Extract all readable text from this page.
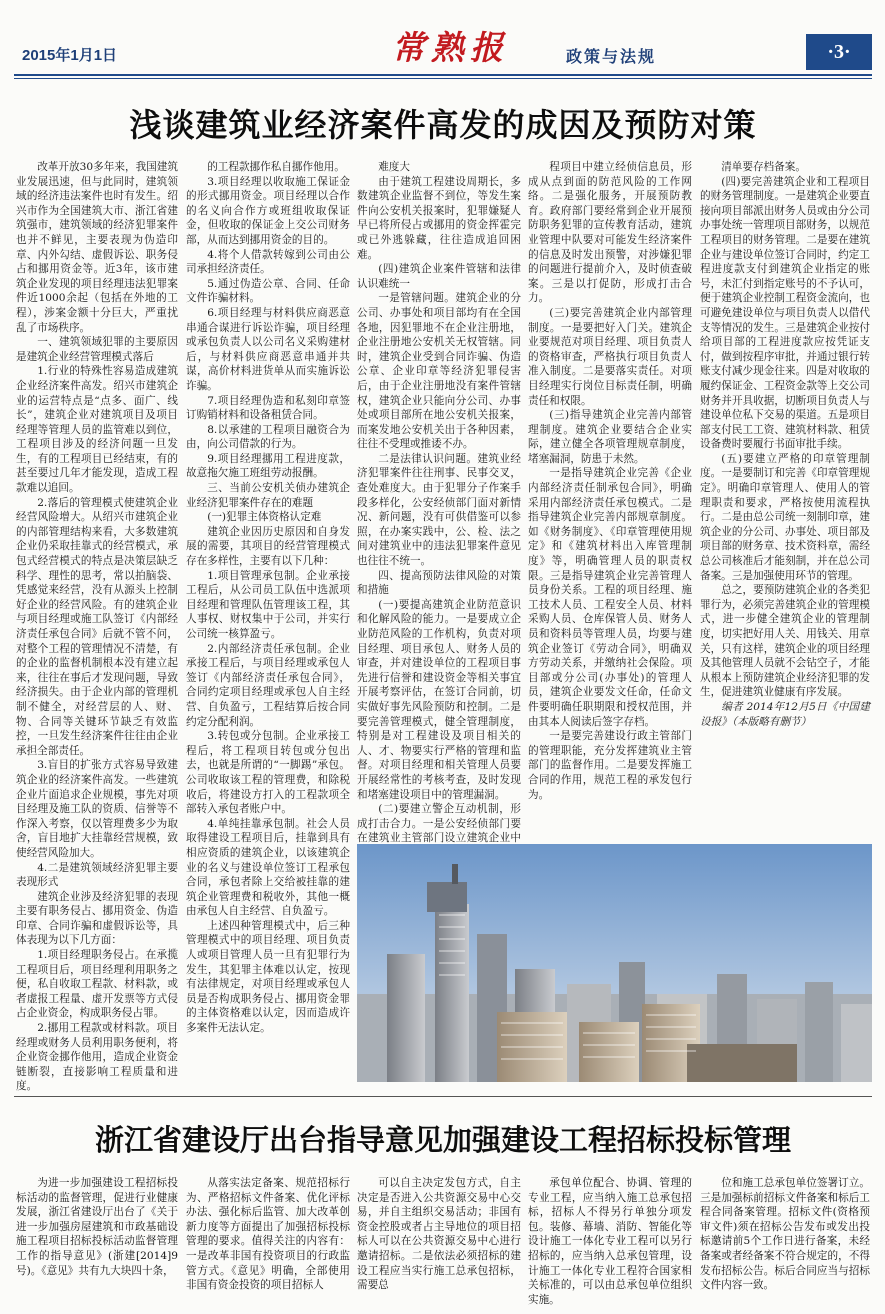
2015年1月1日	常熟报	政策与法规	·3·
浅谈建筑业经济案件高发的成因及预防对策

改革开放30多年来，我国建筑业发展迅速，但与此同时，建筑领域的经济违法案件也时有发生。绍兴市作为全国建筑大市、浙江省建筑强市，建筑领域的经济犯罪案件也并不鲜见，主要表现为伪造印章、内外勾结、虚假诉讼、职务侵占和挪用资金等。近3年，该市建筑企业发现的项目经理违法犯罪案件近1000余起（包括在外地的工程），涉案金额十分巨大，严重扰乱了市场秩序。

一、建筑领域犯罪的主要原因是建筑企业经营管理模式落后

1.行业的特殊性容易造成建筑企业经济案件高发。绍兴市建筑企业的运营特点是“点多、面广、线长”，建筑企业对建筑项目及项目经理等管理人员的监管难以到位，工程项目涉及的经济问题一旦发生，有的工程项目已经结束，有的甚至要过几年才能发现，造成工程款难以追回。

2.落后的管理模式使建筑企业经营风险增大。从绍兴市建筑企业的内部管理结构来看，大多数建筑企业仍采取挂靠式的经营模式，承包式经营模式的特点是决策层缺乏科学、理性的思考，常以拍脑袋、凭感觉来经营，没有从源头上控制好企业的经营风险。有的建筑企业与项目经理或施工队签订《内部经济责任承包合同》后就不管不问，对整个工程的管理情况不清楚，有的企业的监督机制根本没有建立起来，往往在事后才发现问题，导致经济损失。由于企业内部的管理机制不健全，对经营层的人、财、物、合同等关键环节缺乏有效监控，一旦发生经济案件往往由企业承担全部责任。

3.盲目的扩张方式容易导致建筑企业的经济案件高发。一些建筑企业片面追求企业规模，事先对项目经理及施工队的资质、信誉等不作深入考察，仅以管理费多少为取舍，盲目地扩大挂靠经营规模，致使经营风险加大。

4.二是建筑领域经济犯罪主要表现形式

建筑企业涉及经济犯罪的表现主要有职务侵占、挪用资金、伪造印章、合同诈骗和虚假诉讼等，具体表现为以下几方面：

1.项目经理职务侵占。在承揽工程项目后，项目经理利用职务之便，私自收取工程款、材料款，或者虚报工程量、虚开发票等方式侵占企业资金，构成职务侵占罪。

2.挪用工程款或材料款。项目经理或财务人员利用职务便利，将企业资金挪作他用，造成企业资金链断裂，直接影响工程质量和进度。

的工程款挪作私自挪作他用。

3.项目经理以收取施工保证金的形式挪用资金。项目经理以合作的名义向合作方或班组收取保证金，但收取的保证金上交公司财务部，从而达到挪用资金的目的。

4.将个人借款转嫁到公司由公司承担经济责任。

5.通过伪造公章、合同、任命文件诈骗材料。

6.项目经理与材料供应商恶意串通合谋进行诉讼诈骗，项目经理或承包负责人以公司名义采购建材后，与材料供应商恶意串通并共谋，高价材料进货单从而实施诉讼诈骗。

7.项目经理伪造和私刻印章签订购销材料和设备租赁合同。

8.以承建的工程项目融资合为由，向公司借款的行为。

9.项目经理挪用工程进度款，故意拖欠施工班组劳动报酬。

三、当前公安机关侦办建筑企业经济犯罪案件存在的难题

(一)犯罪主体资格认定难

建筑企业因历史原因和自身发展的需要，其项目的经营管理模式存在多样性，主要有以下几种：

1.项目管理承包制。企业承接工程后，从公司员工队伍中选派项目经理和管理队伍管理该工程，其人事权、财权集中于公司，并实行公司统一核算盈亏。

2.内部经济责任承包制。企业承接工程后，与项目经理或承包人签订《内部经济责任承包合同》，合同约定项目经理或承包人自主经营、自负盈亏，工程结算后按合同约定分配利润。

3.转包或分包制。企业承接工程后，将工程项目转包或分包出去，也就是所谓的“一脚踢”承包。公司收取该工程的管理费，和除税收后，将建设方打入的工程款项全部转入承包者账户中。

4.单纯挂靠承包制。社会人员取得建设工程项目后，挂靠到具有相应资质的建筑企业，以该建筑企业的名义与建设单位签订工程承包合同，承包者除上交给被挂靠的建筑企业管理费和税收外，其他一概由承包人自主经营、自负盈亏。

上述四种管理模式中，后三种管理模式中的项目经理、项目负责人或项目管理人员一旦有犯罪行为发生，其犯罪主体难以认定，按现有法律规定，对项目经理或承包人员是否构成职务侵占、挪用资金罪的主体资格难以认定，因而造成许多案件无法认定。

难度大

由于建筑工程建设周期长，多数建筑企业监督不到位，等发生案件向公安机关报案时，犯罪嫌疑人早已将所侵占或挪用的资金挥霍完或已外逃躲藏，往往造成追回困难。

(四)建筑企业案件管辖和法律认识难统一

一是管辖问题。建筑企业的分公司、办事处和项目部均有在全国各地，因犯罪地不在企业注册地，企业注册地公安机关无权管辖。同时，建筑企业受到合同诈骗、伪造公章、企业印章等经济犯罪侵害后，由于企业注册地没有案件管辖权，建筑企业只能向分公司、办事处或项目部所在地公安机关报案，而案发地公安机关出于各种因素，往往不受理或推诿不办。

二是法律认识问题。建筑业经济犯罪案件往往刑事、民事交叉，查处难度大。由于犯罪分子作案手段多样化，公安经侦部门面对新情况、新问题，没有可供借鉴可以参照，在办案实践中，公、检、法之间对建筑业中的违法犯罪案件意见也往往不统一。

四、提高预防法律风险的对策和措施

(一)要提高建筑企业防范意识和化解风险的能力。一是要成立企业防范风险的工作机构，负责对项目经理、项目承包人、财务人员的审查，并对建设单位的工程项目事先进行信誉和建设资金等相关事宜开展考察评估，在签订合同前，切实做好事先风险预防和控制。二是要完善管理模式，健全管理制度，特别是对工程建设及项目相关的人、才、物要实行严格的管理和监督。对项目经理和相关管理人员要开展经常性的考核考查，及时发现和堵塞建设项目中的管理漏洞。

(二)要建立警企互动机制，形成打击合力。一是公安经侦部门要在建筑业主管部门设立建筑企业中

程项目中建立经侦信息员，形成从点到面的防范风险的工作网络。二是强化服务，开展预防教育。政府部门要经常到企业开展预防职务犯罪的宣传教育活动，建筑业管理中队要对可能发生经济案件的信息及时发出预警，对涉嫌犯罪的问题进行提前介入，及时侦查破案。三是以打促防，形成打击合力。

(三)要完善建筑企业内部管理制度。一是要把好入门关。建筑企业要规范对项目经理、项目负责人的资格审查，严格执行项目负责人准入制度。二是要落实责任。对项目经理实行岗位目标责任制，明确责任和权限。

(三)指导建筑企业完善内部管理制度。建筑企业要结合企业实际，建立健全各项管理规章制度，堵塞漏洞，防患于未然。

一是指导建筑企业完善《企业内部经济责任制承包合同》，明确采用内部经济责任承包模式。二是指导建筑企业完善内部规章制度。如《财务制度》、《印章管理使用规定》和《建筑材料出入库管理制度》等，明确管理人员的职责权限。三是指导建筑企业完善管理人员身份关系。工程的项目经理、施工技术人员、工程安全人员、材料采购人员、仓库保管人员、财务人员和资料员等管理人员，均要与建筑企业签订《劳动合同》，明确双方劳动关系，并缴纳社会保险。项目部或分公司(办事处)的管理人员，建筑企业要发文任命，任命文件要明确任职期限和授权范围，并由其本人阅读后签字存档。

一是要完善建设行政主管部门的管理职能，充分发挥建筑业主管部门的监督作用。二是要发挥施工合同的作用，规范工程的承发包行为。

清单要存档备案。

(四)要完善建筑企业和工程项目的财务管理制度。一是建筑企业要直接向项目部派出财务人员或由分公司办事处统一管理项目部财务，以规范工程项目的财务管理。二是要在建筑企业与建设单位签订合同时，约定工程进度款支付到建筑企业指定的账号，未汇付到指定账号的不予认可，便于建筑企业控制工程资金流向，也可避免建设单位与项目负责人以借代支等情况的发生。三是建筑企业按付给项目部的工程进度款应按凭证支付，做到按程序审批，并通过银行转账支付减少现金往来。四是对收取的履约保证金、工程资金款等上交公司财务并开具收据，切断项目负责人与建设单位私下交易的渠道。五是项目部支付民工工资、建筑材料款、租赁设备费时要履行书面审批手续。

(五)要建立严格的印章管理制度。一是要制订和完善《印章管理规定》。明确印章管理人、使用人的管理职责和要求，严格按使用流程执行。二是由总公司统一刻制印章，建筑企业的分公司、办事处、项目部及项目部的财务章、技术资料章，需经总公司核准后才能刻制，并在总公司备案。三是加强使用环节的管理。

总之，要预防建筑企业的各类犯罪行为，必须完善建筑企业的管理模式，进一步健全建筑企业的管理制度，切实把好用人关、用钱关、用章关，只有这样，建筑企业的项目经理及其他管理人员就不会钻空子，才能从根本上预防建筑企业经济犯罪的发生，促进建筑业健康有序发展。

编者 2014年12月5日《中国建设报》（本版略有删节）

浙江省建设厅出台指导意见加强建设工程招标投标管理

为进一步加强建设工程招标投标活动的监督管理，促进行业健康发展，浙江省建设厅出台了《关于进一步加强房屋建筑和市政基础设施工程项目招标投标活动监督管理工作的指导意见》(浙建[2014]9号)。《意见》共有九大块四十条，

从落实法定备案、规范招标行为、严格招标文件备案、优化评标办法、强化标后监管、加大改革创新力度等方面提出了加强招标投标管理的要求。值得关注的内容有：一是改革非国有投资项目的行政监管方式。《意见》明确，全部使用非国有资金投资的项目招标人

可以自主决定发包方式，自主决定是否进入公共资源交易中心交易，并自主组织交易活动；非国有资金控股或者占主导地位的项目招标人可以在公共资源交易中心进行邀请招标。二是依法必须招标的建设工程应当实行施工总承包招标，需要总

承包单位配合、协调、管理的专业工程，应当纳入施工总承包招标，招标人不得另行单独分项发包。装修、幕墙、消防、智能化等设计施工一体化专业工程可以另行招标的，应当纳入总承包管理，设计施工一体化专业工程符合国家相关标准的，可以由总承包单位组织实施。

位和施工总承包单位签署订立。三是加强标前招标文件备案和标后工程合同备案管理。招标文件(资格预审文件)须在招标公告发布或发出投标邀请前5个工作日进行备案，未经备案或者经备案不符合规定的，不得发布招标公告。标后合同应当与招标文件内容一致。
